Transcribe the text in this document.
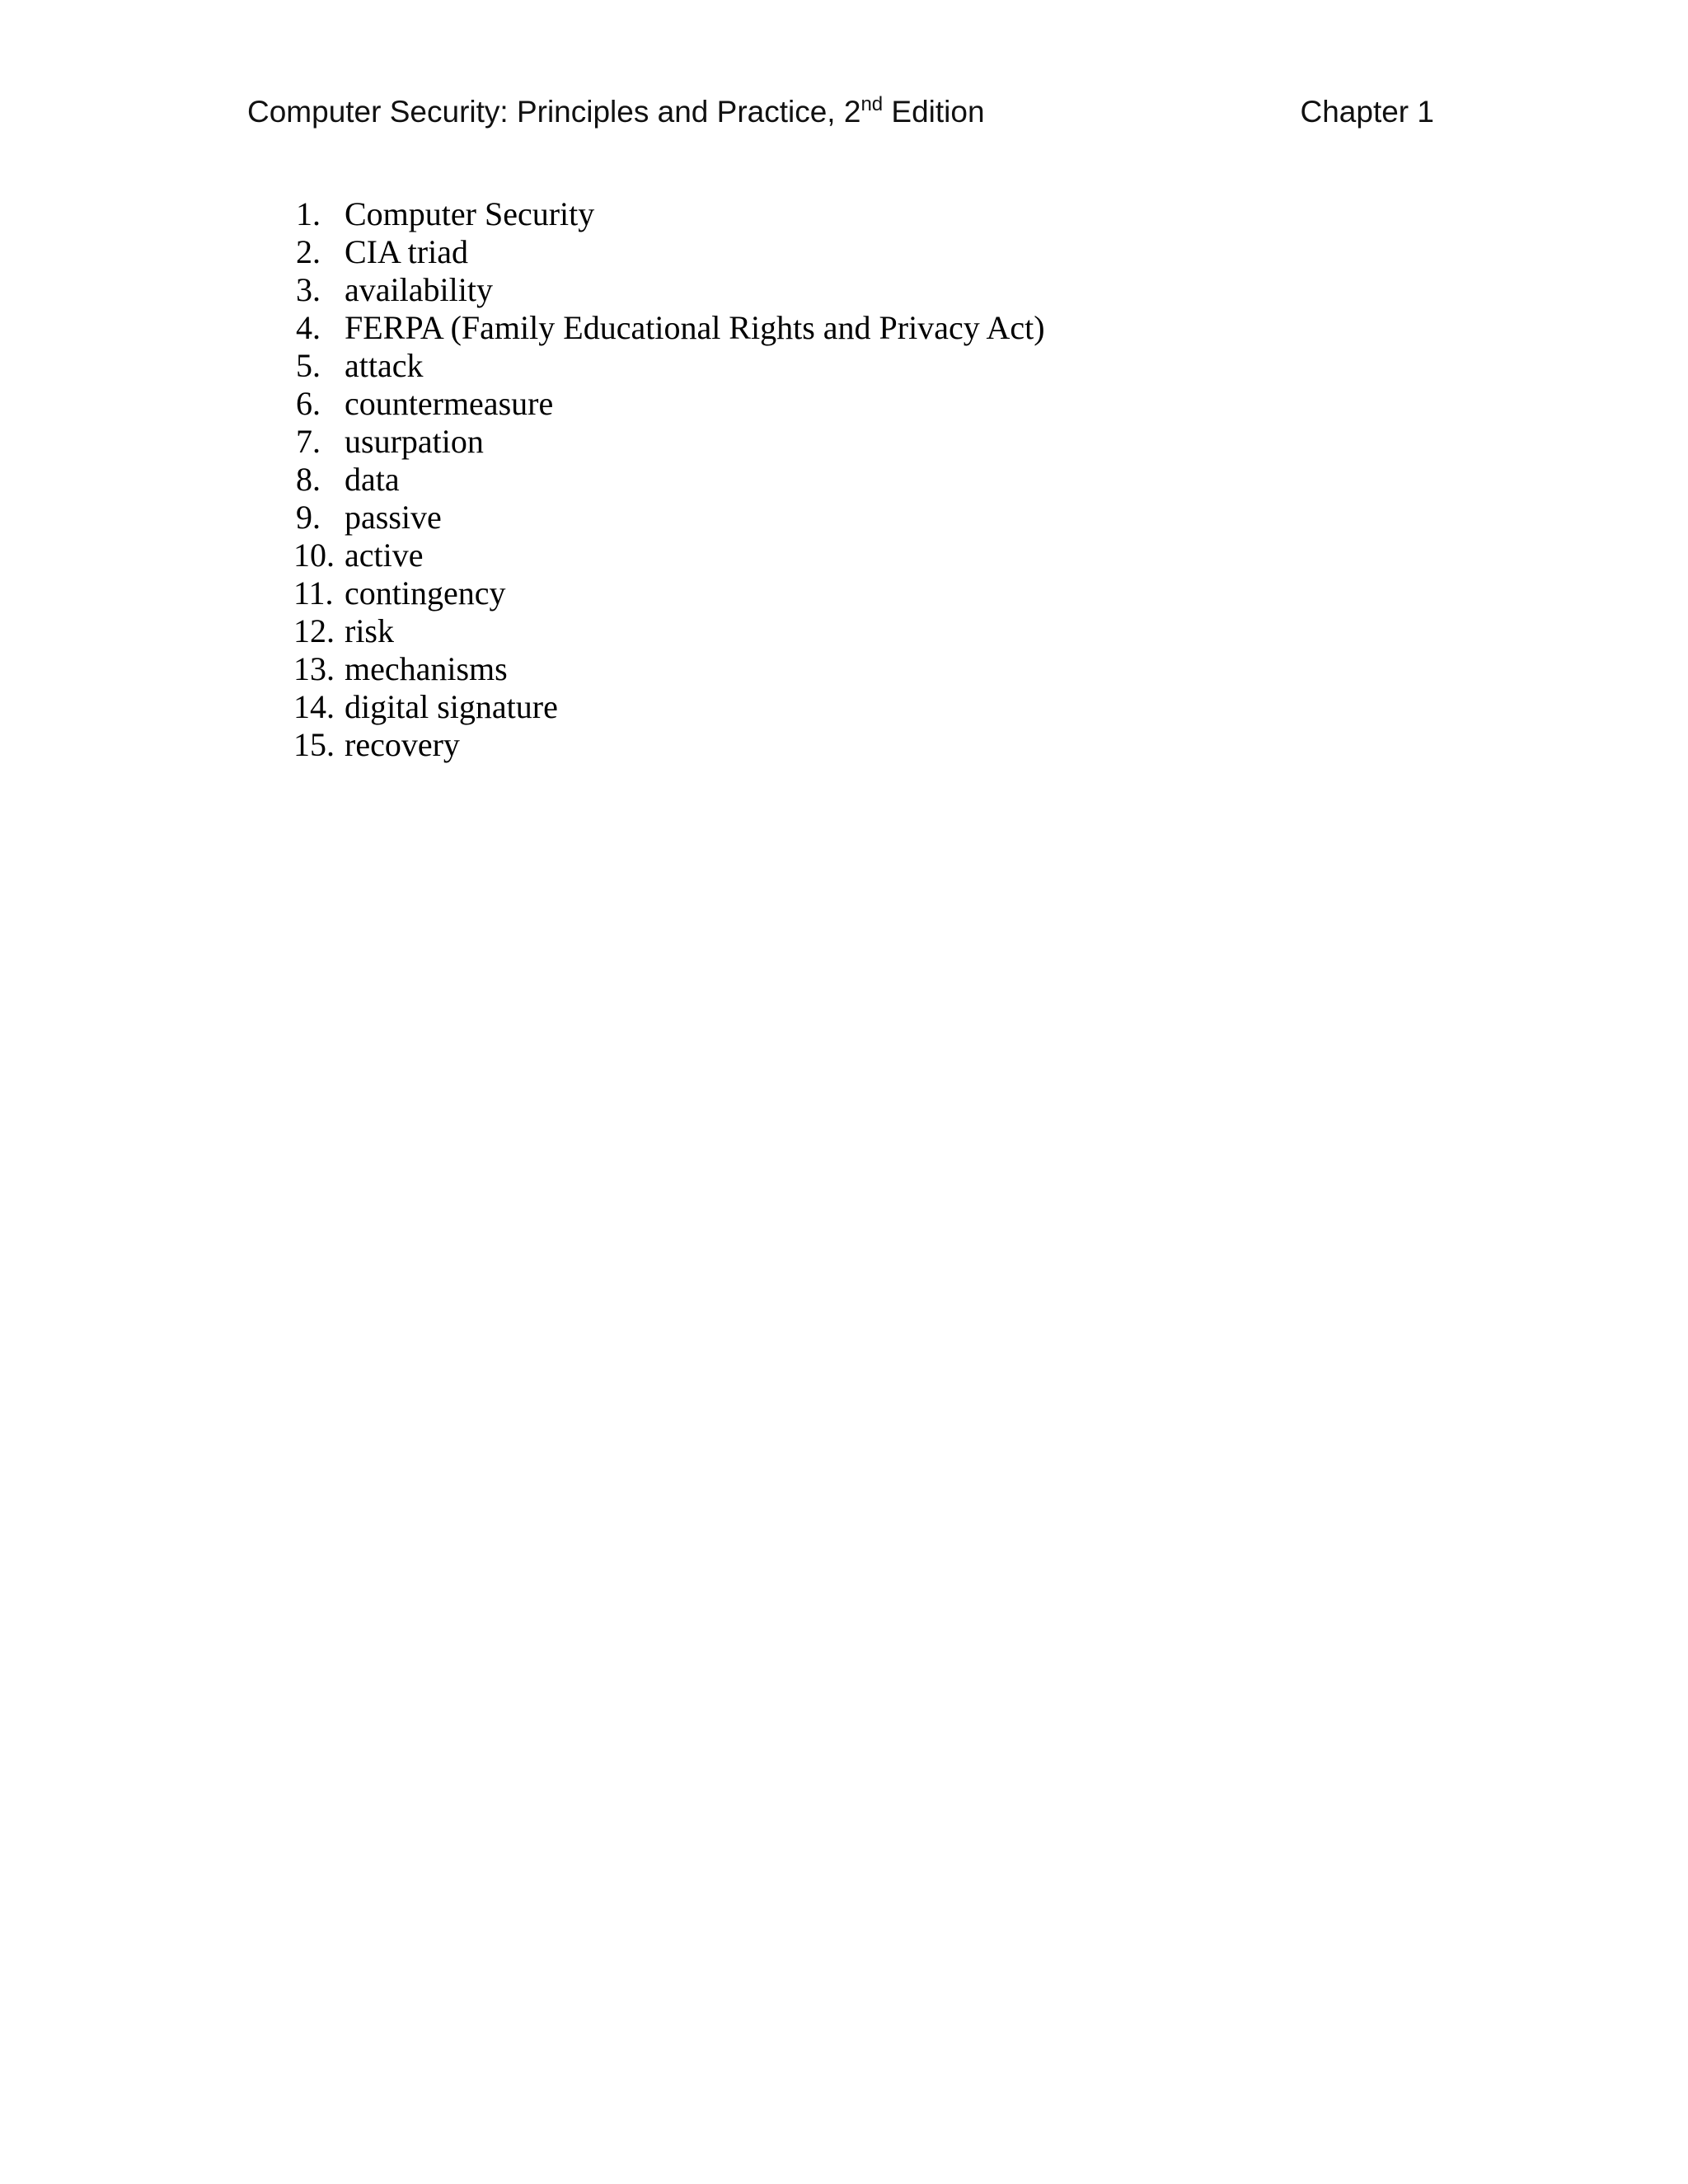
Computer Security: Principles and Practice, 2nd Edition	Chapter 1
1. Computer Security
2. CIA triad
3. availability
4. FERPA (Family Educational Rights and Privacy Act)
5. attack
6. countermeasure
7. usurpation
8. data
9. passive
10. active
11. contingency
12. risk
13. mechanisms
14. digital signature
15. recovery
